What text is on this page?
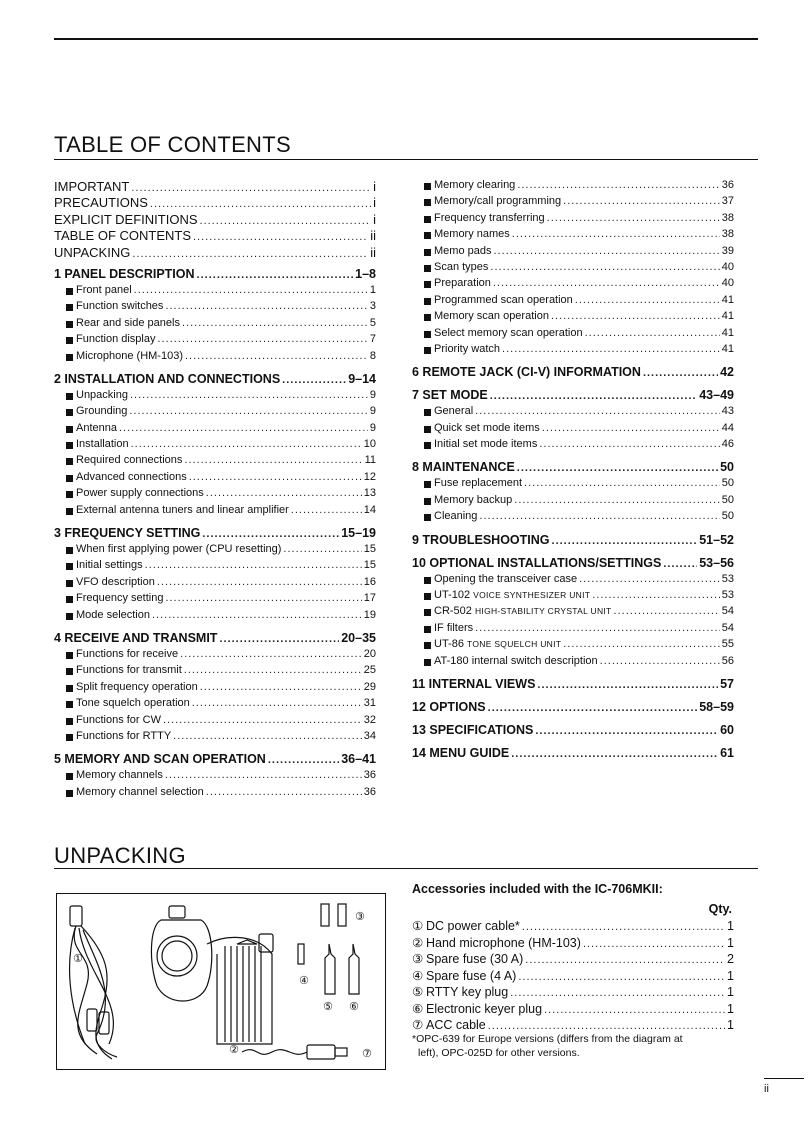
TABLE OF CONTENTS
IMPORTANT .....	i
PRECAUTIONS .....	i
EXPLICIT DEFINITIONS .....	i
TABLE OF CONTENTS .....	ii
UNPACKING .....	ii
1 PANEL DESCRIPTION .....	1–8
Front panel .....	1
Function switches .....	3
Rear and side panels .....	5
Function display .....	7
Microphone (HM-103) .....	8
2 INSTALLATION AND CONNECTIONS .....	9–14
Unpacking .....	9
Grounding .....	9
Antenna .....	9
Installation .....	10
Required connections .....	11
Advanced connections .....	12
Power supply connections .....	13
External antenna tuners and linear amplifier .....	14
3 FREQUENCY SETTING .....	15–19
When first applying power (CPU resetting) .....	15
Initial settings .....	15
VFO description .....	16
Frequency setting .....	17
Mode selection .....	19
4 RECEIVE AND TRANSMIT .....	20–35
Functions for receive .....	20
Functions for transmit .....	25
Split frequency operation .....	29
Tone squelch operation .....	31
Functions for CW .....	32
Functions for RTTY .....	34
5 MEMORY AND SCAN OPERATION .....	36–41
Memory channels .....	36
Memory channel selection .....	36
Memory clearing .....	36
Memory/call programming .....	37
Frequency transferring .....	38
Memory names .....	38
Memo pads .....	39
Scan types .....	40
Preparation .....	40
Programmed scan operation .....	41
Memory scan operation .....	41
Select memory scan operation .....	41
Priority watch .....	41
6 REMOTE JACK (CI-V) INFORMATION .....	42
7 SET MODE .....	43–49
General .....	43
Quick set mode items .....	44
Initial set mode items .....	46
8 MAINTENANCE .....	50
Fuse replacement .....	50
Memory backup .....	50
Cleaning .....	50
9 TROUBLESHOOTING .....	51–52
10 OPTIONAL INSTALLATIONS/SETTINGS .....	53–56
Opening the transceiver case .....	53
UT-102 VOICE SYNTHESIZER UNIT .....	53
CR-502 HIGH-STABILITY CRYSTAL UNIT .....	54
IF filters .....	54
UT-86 TONE SQUELCH UNIT .....	55
AT-180 internal switch description .....	56
11 INTERNAL VIEWS .....	57
12 OPTIONS .....	58–59
13 SPECIFICATIONS .....	60
14 MENU GUIDE .....	61
UNPACKING
①
②
③
④
⑤ ⑥
⑦
Accessories included with the IC-706MKII:
Qty.
① DC power cable* .....	1
② Hand microphone (HM-103) .....	1
③ Spare fuse (30 A) .....	2
④ Spare fuse (4 A) .....	1
⑤ RTTY key plug .....	1
⑥ Electronic keyer plug .....	1
⑦ ACC cable .....	1

*OPC-639 for Europe versions (differs from the diagram at

left), OPC-025D for other versions.

ii
